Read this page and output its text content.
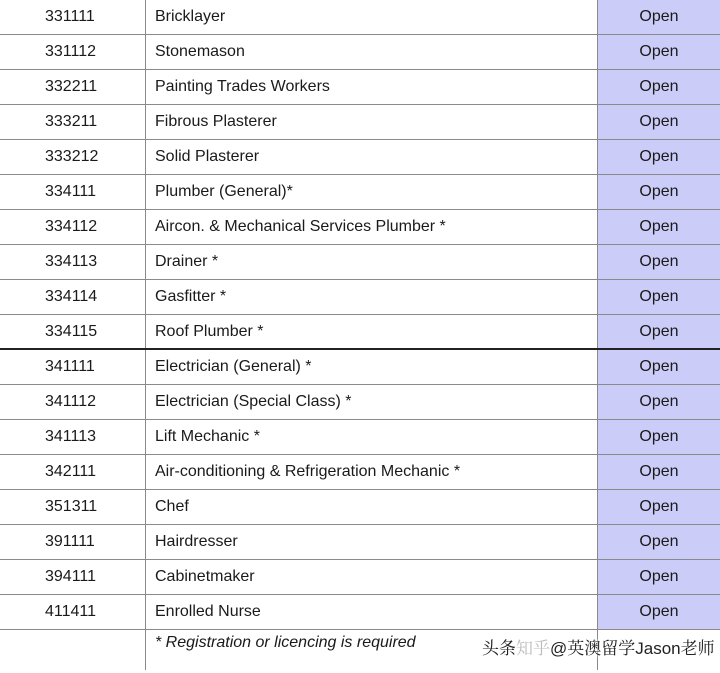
331111	Bricklayer	Open
331112	Stonemason	Open
332211	Painting Trades Workers	Open
333211	Fibrous Plasterer	Open
333212	Solid Plasterer	Open
334111	Plumber (General)*	Open
334112	Aircon. & Mechanical Services Plumber *	Open
334113	Drainer *	Open
334114	Gasfitter *	Open
334115	Roof Plumber *	Open
341111	Electrician (General) *	Open
341112	Electrician (Special Class) *	Open
341113	Lift Mechanic *	Open
342111	Air-conditioning & Refrigeration Mechanic *	Open
351311	Chef	Open
391111	Hairdresser	Open
394111	Cabinetmaker	Open
411411	Enrolled Nurse	Open
* Registration or licencing is required	头条知乎@英澳留学Jason老师
